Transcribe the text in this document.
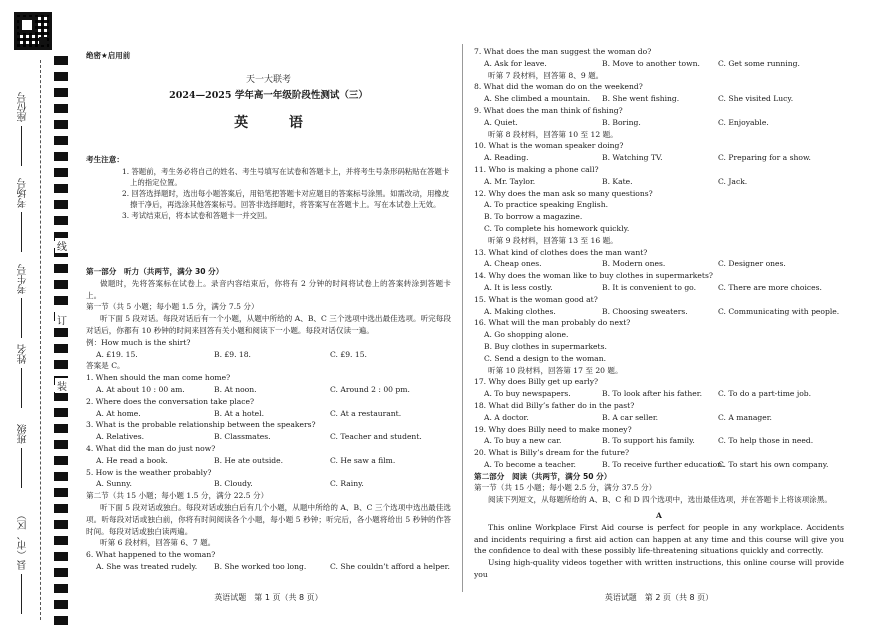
座位号
考场号
考生号
姓名
班级
县（市、区）
线
订
装
绝密★启用前
天一大联考
2024—2025 学年高一年级阶段性测试（三）
英 语
考生注意：
1. 答题前，考生务必将自己的姓名、考生号填写在试卷和答题卡上，并将考生号条形码粘贴在答题卡上的指定位置。
2. 回答选择题时，选出每小题答案后，用铅笔把答题卡对应题目的答案标号涂黑。如需改动，用橡皮擦干净后，再选涂其他答案标号。回答非选择题时，将答案写在答题卡上。写在本试卷上无效。
3. 考试结束后，将本试卷和答题卡一并交回。
第一部分　听力（共两节，满分 30 分）
做题时，先将答案标在试卷上。录音内容结束后，你将有 2 分钟的时间将试卷上的答案转涂到答题卡上。
第一节（共 5 小题；每小题 1.5 分，满分 7.5 分）
听下面 5 段对话。每段对话后有一个小题，从题中所给的 A、B、C 三个选项中选出最佳选项。听完每段对话后，你都有 10 秒钟的时间来回答有关小题和阅读下一小题。每段对话仅读一遍。
例：How much is the shirt?
A. £19. 15.	B. £9. 18.	C. £9. 15.
答案是 C。
1. When should the man come home?
A. At about 10 : 00 am.	B. At noon.	C. Around 2 : 00 pm.
2. Where does the conversation take place?
A. At home.	B. At a hotel.	C. At a restaurant.
3. What is the probable relationship between the speakers?
A. Relatives.	B. Classmates.	C. Teacher and student.
4. What did the man do just now?
A. He read a book.	B. He ate outside.	C. He saw a film.
5. How is the weather probably?
A. Sunny.	B. Cloudy.	C. Rainy.
第二节（共 15 小题；每小题 1.5 分，满分 22.5 分）
听下面 5 段对话或独白。每段对话或独白后有几个小题，从题中所给的 A、B、C 三个选项中选出最佳选项。听每段对话或独白前，你将有时间阅读各个小题，每小题 5 秒钟；听完后，各小题将给出 5 秒钟的作答时间。每段对话或独白读两遍。
听第 6 段材料，回答第 6、7 题。
6. What happened to the woman?
A. She was treated rudely.	B. She worked too long.	C. She couldn’t afford a helper.
英语试题　第 1 页（共 8 页）
7. What does the man suggest the woman do?
A. Ask for leave.	B. Move to another town.	C. Get some running.
听第 7 段材料，回答第 8、9 题。
8. What did the woman do on the weekend?
A. She climbed a mountain.	B. She went fishing.	C. She visited Lucy.
9. What does the man think of fishing?
A. Quiet.	B. Boring.	C. Enjoyable.
听第 8 段材料，回答第 10 至 12 题。
10. What is the woman speaker doing?
A. Reading.	B. Watching TV.	C. Preparing for a show.
11. Who is making a phone call?
A. Mr. Taylor.	B. Kate.	C. Jack.
12. Why does the man ask so many questions?
A. To practice speaking English.
B. To borrow a magazine.
C. To complete his homework quickly.
听第 9 段材料，回答第 13 至 16 题。
13. What kind of clothes does the man want?
A. Cheap ones.	B. Modern ones.	C. Designer ones.
14. Why does the woman like to buy clothes in supermarkets?
A. It is less costly.	B. It is convenient to go.	C. There are more choices.
15. What is the woman good at?
A. Making clothes.	B. Choosing sweaters.	C. Communicating with people.
16. What will the man probably do next?
A. Go shopping alone.
B. Buy clothes in supermarkets.
C. Send a design to the woman.
听第 10 段材料，回答第 17 至 20 题。
17. Why does Billy get up early?
A. To buy newspapers.	B. To look after his father.	C. To do a part-time job.
18. What did Billy’s father do in the past?
A. A doctor.	B. A car seller.	C. A manager.
19. Why does Billy need to make money?
A. To buy a new car.	B. To support his family.	C. To help those in need.
20. What is Billy’s dream for the future?
A. To become a teacher.	B. To receive further education.
C. To start his own company.
第二部分　阅读（共两节，满分 50 分）
第一节（共 15 小题；每小题 2.5 分，满分 37.5 分）
阅读下列短文，从每题所给的 A、B、C 和 D 四个选项中，选出最佳选项，并在答题卡上将该项涂黑。
A
This online Workplace First Aid course is perfect for people in any workplace. Accidents and incidents requiring a first aid action can happen at any time and this course will give you the confidence to deal with these possibly life-threatening situations quickly and correctly.
Using high-quality videos together with written instructions, this online course will provide you
英语试题　第 2 页（共 8 页）
